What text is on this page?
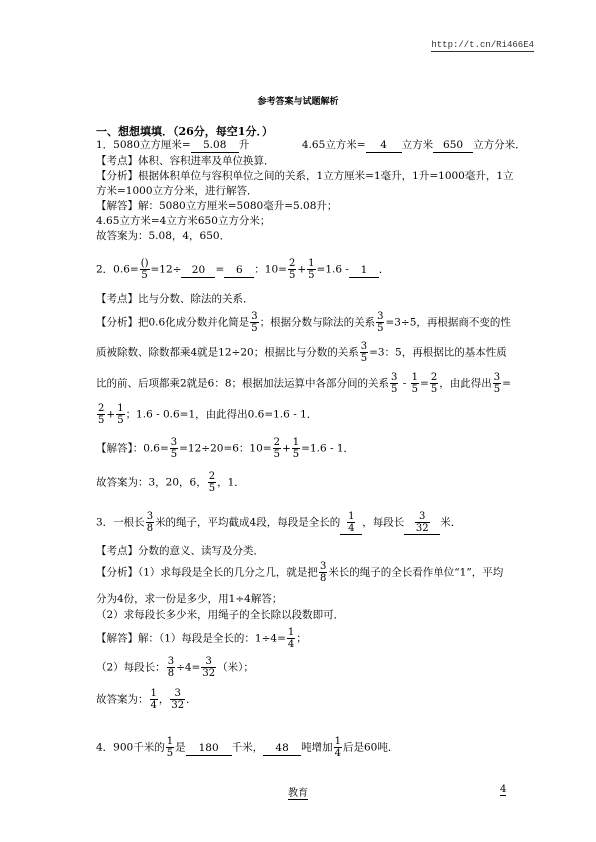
http://t.cn/Ri466E4
参考答案与试题解析
一、想想填填．（26分，每空1分．）
1．5080立方厘米= 5.08 升	4.65立方米= 4 立方米 650 立方分米．
【考点】体积、容积进率及单位换算．
【分析】根据体积单位与容积单位之间的关系，1立方厘米=1毫升，1升=1000毫升，1立
方米=1000立方分米，进行解答．
【解答】解：5080立方厘米=5080毫升=5.08升；
4.65立方米=4立方米650立方分米；
故答案为：5.08，4，650．
2．$0.6= \frac{()}{5} =12\div 20 = 6$ ：$10= \frac{2}{5} + \frac{1}{5} =1.6 - 1$ ．
【考点】比与分数、除法的关系．
【分析】把0.6化成分数并化简是 $\frac{3}{5}$ ；根据分数与除法的关系 $\frac{3}{5} =3\div 5$，再根据商不变的性
质被除数、除数都乘4就是12÷20；根据比与分数的关系 $\frac{3}{5} =3$：5，再根据比的基本性质
比的前、后项都乘2就是6：8；根据加法运算中各部分间的关系 $\frac{3}{5} - \frac{1}{5} = \frac{2}{5}$ ，由此得出 $\frac{3}{5}$ =
$\frac{2}{5} + \frac{1}{5}$ ；1.6 - 0.6=1，由此得出0.6=1.6 - 1．
【解答】：$0.6= \frac{3}{5} =12\div 20=6$：$10= \frac{2}{5} + \frac{1}{5} =1.6 - 1$．
故答案为：3，20，6， $\frac{2}{5}$ ，1．
3．一根长 $\frac{3}{8}$ 米的绳子，平均截成4段，每段是全长的 $\frac{1}{4}$ ，每段长 $\frac{3}{32}$ 米．
【考点】分数的意义、读写及分类．
【分析】（1）求每段是全长的几分之几，就是把 $\frac{3}{8}$ 米长的绳子的全长看作单位“1”，平均
分为4份，求一份是多少，用1÷4解答；
（2）求每段长多少米，用绳子的全长除以段数即可．
【解答】解：（1）每段是全长的：$1\div 4= \frac{1}{4}$ ；
（2）每段长： $\frac{3}{8} \div 4= \frac{3}{32}$ （米）；
故答案为： $\frac{1}{4}$ ， $\frac{3}{32}$ ．
4．900千米的 $\frac{1}{5}$ 是 180 千米， 48 吨增加 $\frac{1}{4}$ 后是60吨．
教育	4
